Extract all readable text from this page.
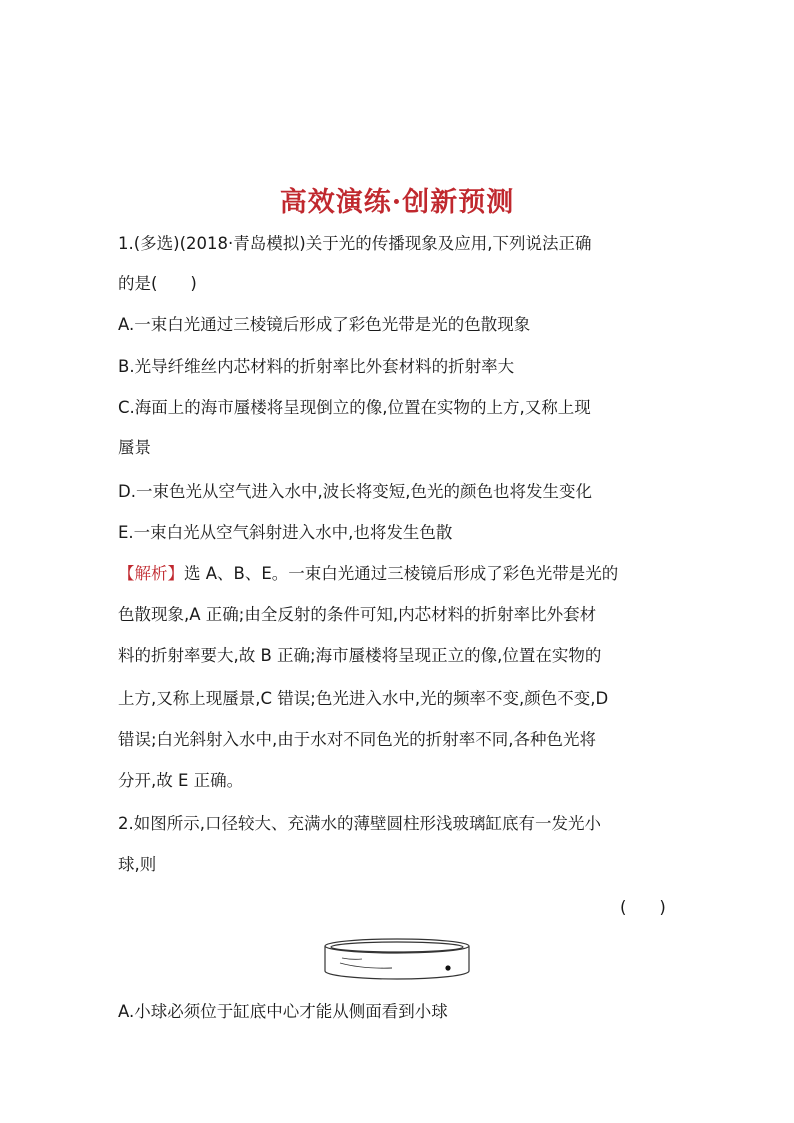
高效演练·创新预测
1.(多选)(2018·青岛模拟)关于光的传播现象及应用,下列说法正确
的是(　　)
A.一束白光通过三棱镜后形成了彩色光带是光的色散现象
B.光导纤维丝内芯材料的折射率比外套材料的折射率大
C.海面上的海市蜃楼将呈现倒立的像,位置在实物的上方,又称上现
蜃景
D.一束色光从空气进入水中,波长将变短,色光的颜色也将发生变化
E.一束白光从空气斜射进入水中,也将发生色散
【解析】选 A、B、E。一束白光通过三棱镜后形成了彩色光带是光的
色散现象,A 正确;由全反射的条件可知,内芯材料的折射率比外套材
料的折射率要大,故 B 正确;海市蜃楼将呈现正立的像,位置在实物的
上方,又称上现蜃景,C 错误;色光进入水中,光的频率不变,颜色不变,D
错误;白光斜射入水中,由于水对不同色光的折射率不同,各种色光将
分开,故 E 正确。
2.如图所示,口径较大、充满水的薄壁圆柱形浅玻璃缸底有一发光小
球,则
(　　)
A.小球必须位于缸底中心才能从侧面看到小球
